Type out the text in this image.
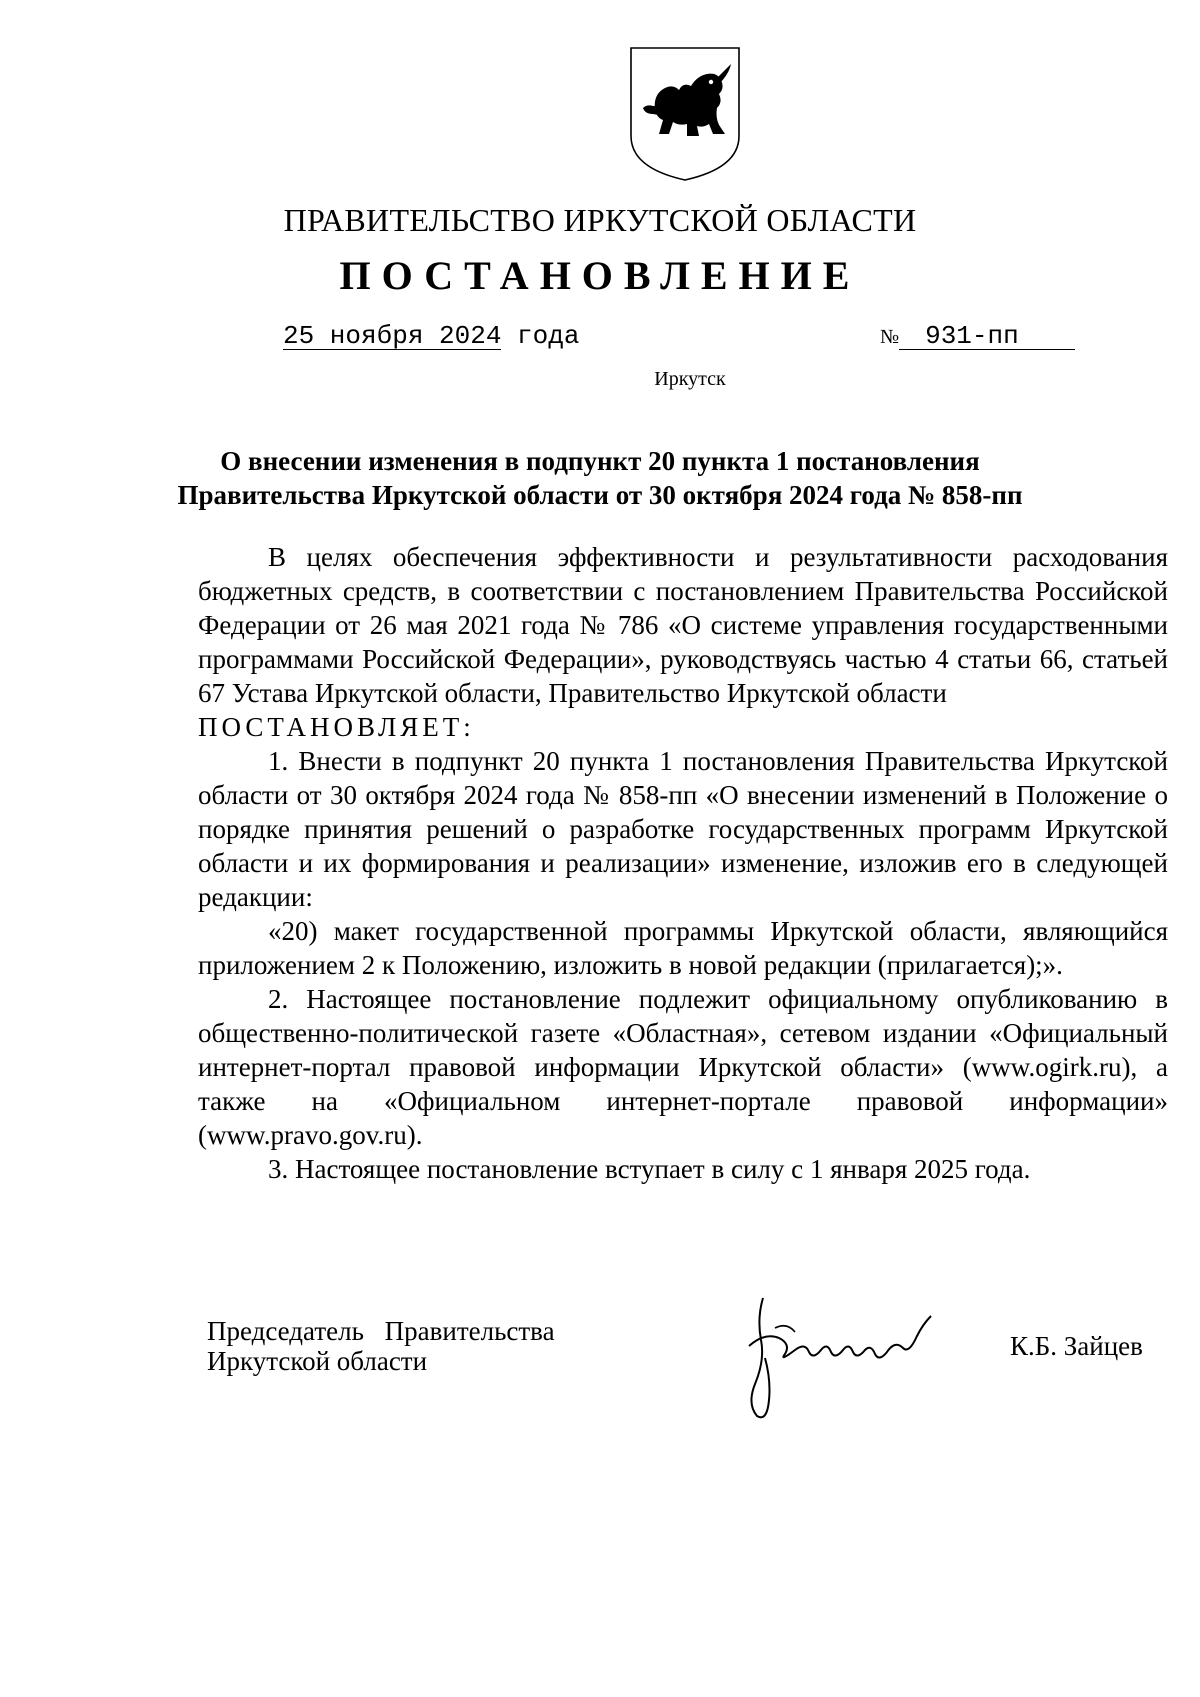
ПРАВИТЕЛЬСТВО ИРКУТСКОЙ ОБЛАСТИ
ПОСТАНОВЛЕНИЕ
25 ноября 2024 года	№ 931-пп
Иркутск
О внесении изменения в подпункт 20 пункта 1 постановления
Правительства Иркутской области от 30 октября 2024 года № 858-пп

В целях обеспечения эффективности и результативности расходования бюджетных средств, в соответствии с постановлением Правительства Российской Федерации от 26 мая 2021 года № 786 «О системе управления государственными программами Российской Федерации», руководствуясь частью 4 статьи 66, статьей 67 Устава Иркутской области, Правительство Иркутской области

ПОСТАНОВЛЯЕТ:

1. Внести в подпункт 20 пункта 1 постановления Правительства Иркутской области от 30 октября 2024 года № 858-пп «О внесении изменений в Положение о порядке принятия решений о разработке государственных программ Иркутской области и их формирования и реализации» изменение, изложив его в следующей редакции:

«20) макет государственной программы Иркутской области, являющийся приложением 2 к Положению, изложить в новой редакции (прилагается);».

2. Настоящее постановление подлежит официальному опубликованию в общественно-политической газете «Областная», сетевом издании «Официальный интернет-портал правовой информации Иркутской области» (www.ogirk.ru), а также на «Официальном интернет-портале правовой информации» (www.pravo.gov.ru).

3. Настоящее постановление вступает в силу с 1 января 2025 года.

Председатель Правительства
Иркутской области	К.Б. Зайцев
